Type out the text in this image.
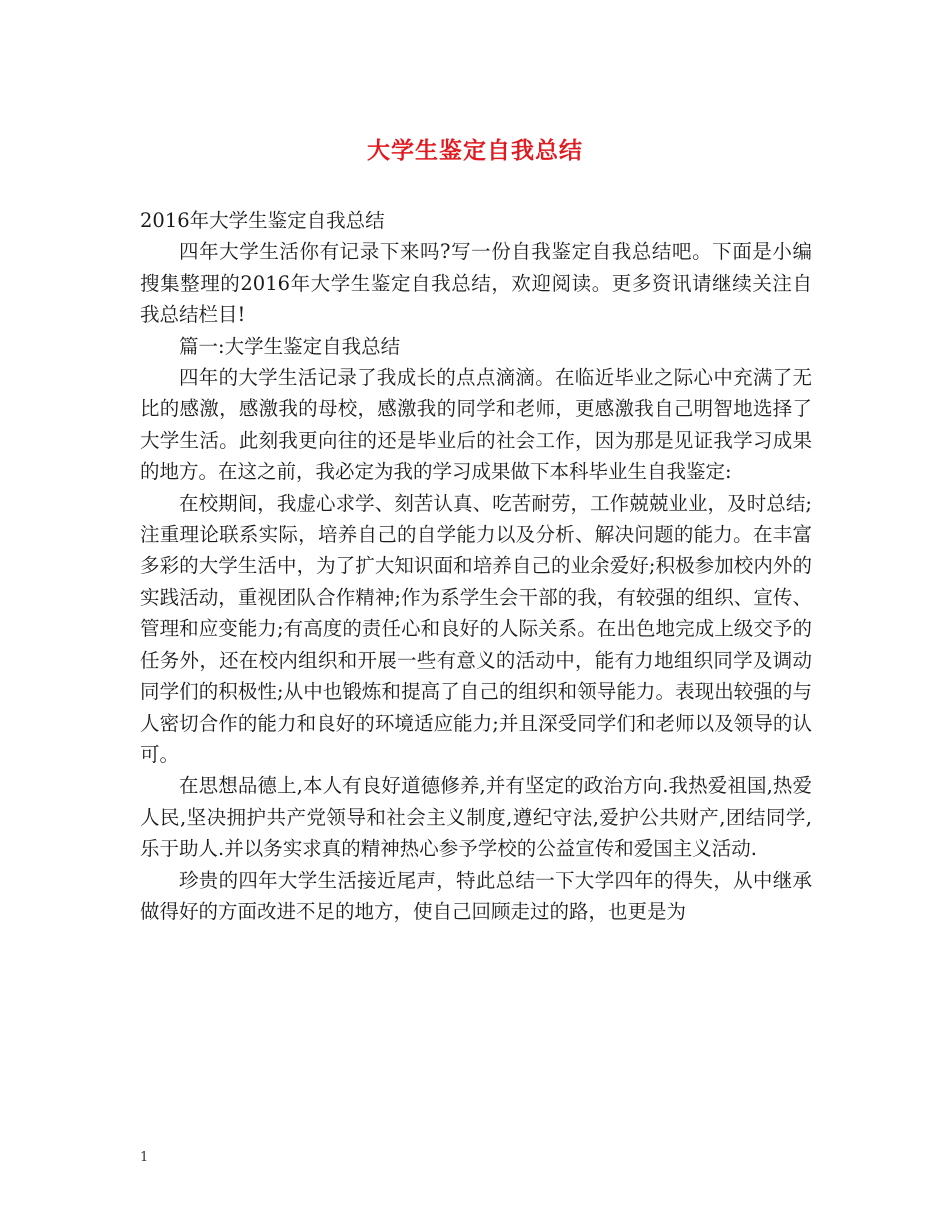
大学生鉴定自我总结

2016年大学生鉴定自我总结

四年大学生活你有记录下来吗?写一份自我鉴定自我总结吧。下面是小编搜集整理的2016年大学生鉴定自我总结，欢迎阅读。更多资讯请继续关注自我总结栏目!

篇一:大学生鉴定自我总结

四年的大学生活记录了我成长的点点滴滴。在临近毕业之际心中充满了无比的感激，感激我的母校，感激我的同学和老师，更感激我自己明智地选择了大学生活。此刻我更向往的还是毕业后的社会工作，因为那是见证我学习成果的地方。在这之前，我必定为我的学习成果做下本科毕业生自我鉴定:

在校期间，我虚心求学、刻苦认真、吃苦耐劳，工作兢兢业业，及时总结;注重理论联系实际，培养自己的自学能力以及分析、解决问题的能力。在丰富多彩的大学生活中，为了扩大知识面和培养自己的业余爱好;积极参加校内外的实践活动，重视团队合作精神;作为系学生会干部的我，有较强的组织、宣传、管理和应变能力;有高度的责任心和良好的人际关系。在出色地完成上级交予的任务外，还在校内组织和开展一些有意义的活动中，能有力地组织同学及调动同学们的积极性;从中也锻炼和提高了自己的组织和领导能力。表现出较强的与人密切合作的能力和良好的环境适应能力;并且深受同学们和老师以及领导的认可。

在思想品德上,本人有良好道德修养,并有坚定的政治方向.我热爱祖国,热爱人民,坚决拥护共产党领导和社会主义制度,遵纪守法,爱护公共财产,团结同学,乐于助人.并以务实求真的精神热心参予学校的公益宣传和爱国主义活动.

珍贵的四年大学生活接近尾声，特此总结一下大学四年的得失，从中继承做得好的方面改进不足的地方，使自己回顾走过的路，也更是为

1
